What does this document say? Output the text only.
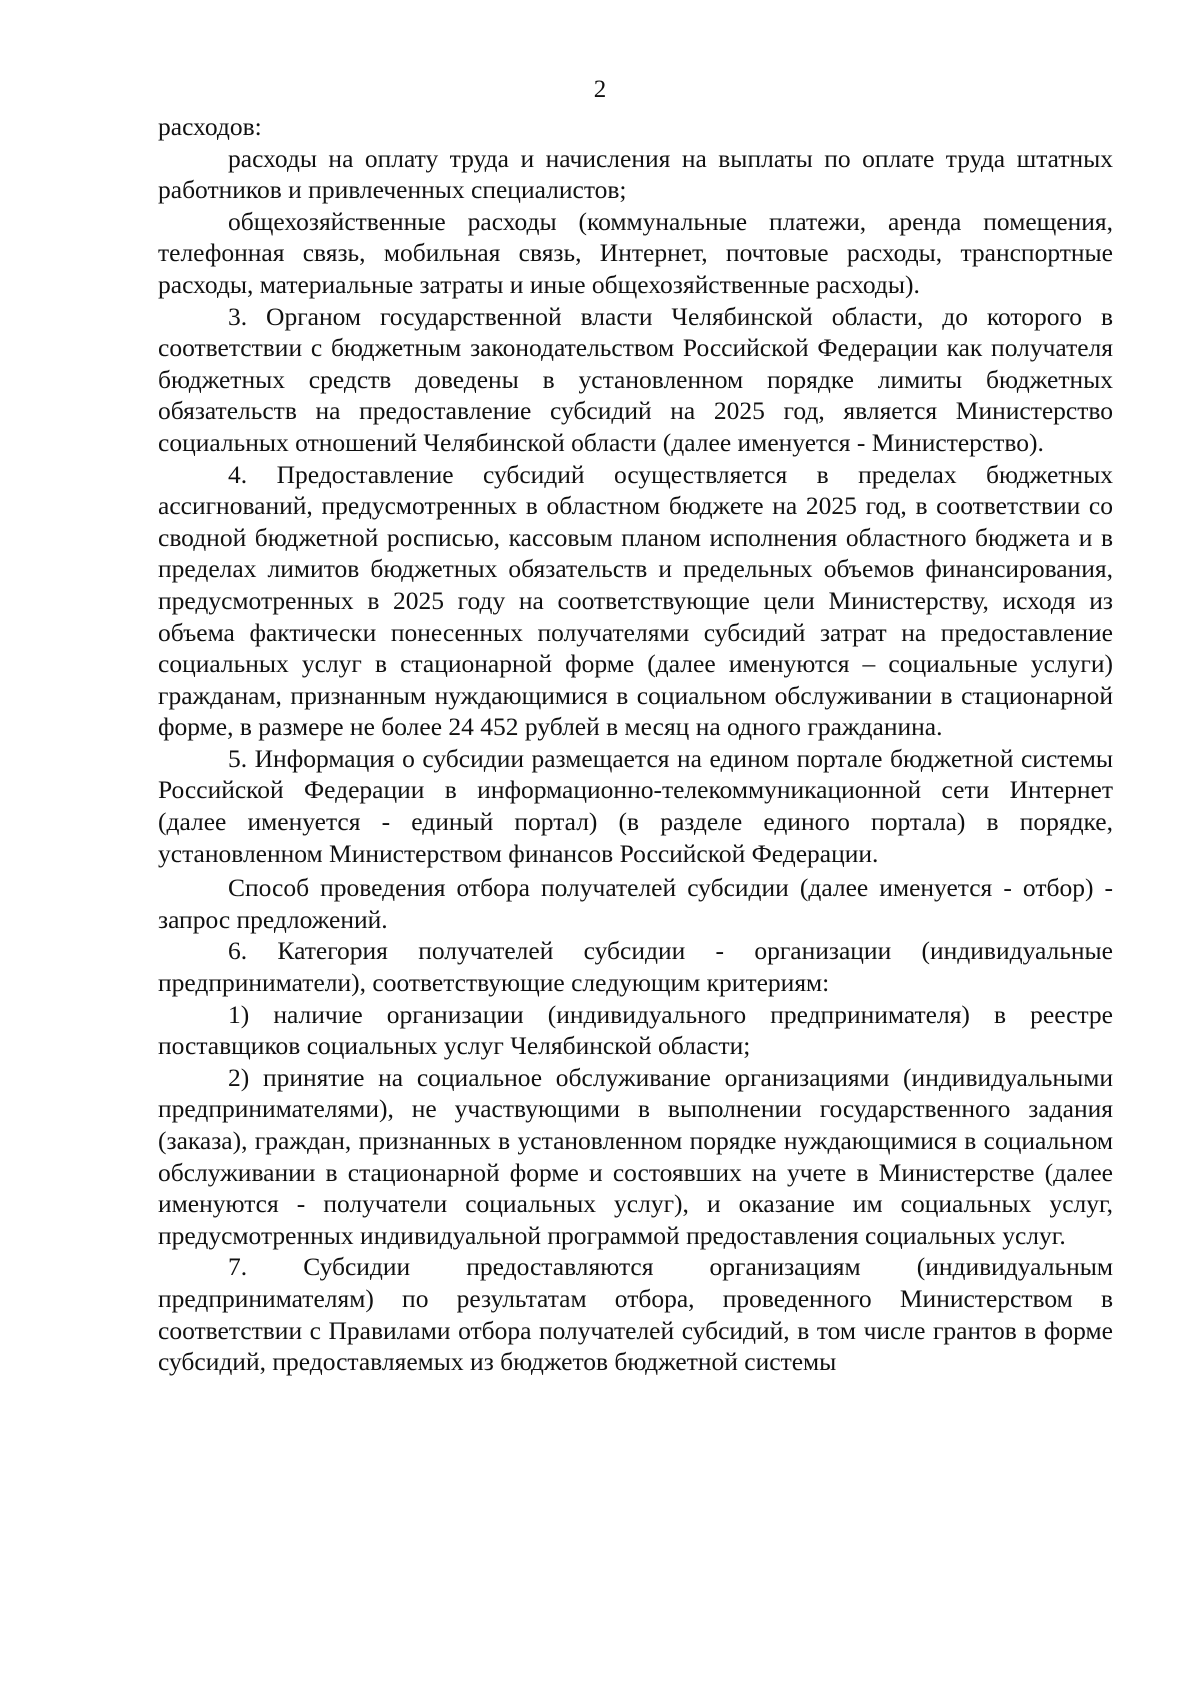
2

расходов:

расходы на оплату труда и начисления на выплаты по оплате труда штатных работников и привлеченных специалистов;

общехозяйственные расходы (коммунальные платежи, аренда помещения, телефонная связь, мобильная связь, Интернет, почтовые расходы, транспортные расходы, материальные затраты и иные общехозяйственные расходы).

3. Органом государственной власти Челябинской области, до которого в соответствии с бюджетным законодательством Российской Федерации как получателя бюджетных средств доведены в установленном порядке лимиты бюджетных обязательств на предоставление субсидий на 2025 год, является Министерство социальных отношений Челябинской области (далее именуется - Министерство).

4. Предоставление субсидий осуществляется в пределах бюджетных ассигнований, предусмотренных в областном бюджете на 2025 год, в соответствии со сводной бюджетной росписью, кассовым планом исполнения областного бюджета и в пределах лимитов бюджетных обязательств и предельных объемов финансирования, предусмотренных в 2025 году на соответствующие цели Министерству, исходя из объема фактически понесенных получателями субсидий затрат на предоставление социальных услуг в стационарной форме (далее именуются – социальные услуги) гражданам, признанным нуждающимися в социальном обслуживании в стационарной форме, в размере не более 24 452 рублей в месяц на одного гражданина.

5. Информация о субсидии размещается на едином портале бюджетной системы Российской Федерации в информационно-телекоммуникационной сети Интернет (далее именуется - единый портал) (в разделе единого портала) в порядке, установленном Министерством финансов Российской Федерации.

Способ проведения отбора получателей субсидии (далее именуется - отбор) - запрос предложений.

6. Категория получателей субсидии - организации (индивидуальные предприниматели), соответствующие следующим критериям:

1) наличие организации (индивидуального предпринимателя) в реестре поставщиков социальных услуг Челябинской области;

2) принятие на социальное обслуживание организациями (индивидуальными предпринимателями), не участвующими в выполнении государственного задания (заказа), граждан, признанных в установленном порядке нуждающимися в социальном обслуживании в стационарной форме и состоявших на учете в Министерстве (далее именуются - получатели социальных услуг), и оказание им социальных услуг, предусмотренных индивидуальной программой предоставления социальных услуг.

7. Субсидии предоставляются организациям (индивидуальным предпринимателям) по результатам отбора, проведенного Министерством в соответствии с Правилами отбора получателей субсидий, в том числе грантов в форме субсидий, предоставляемых из бюджетов бюджетной системы
